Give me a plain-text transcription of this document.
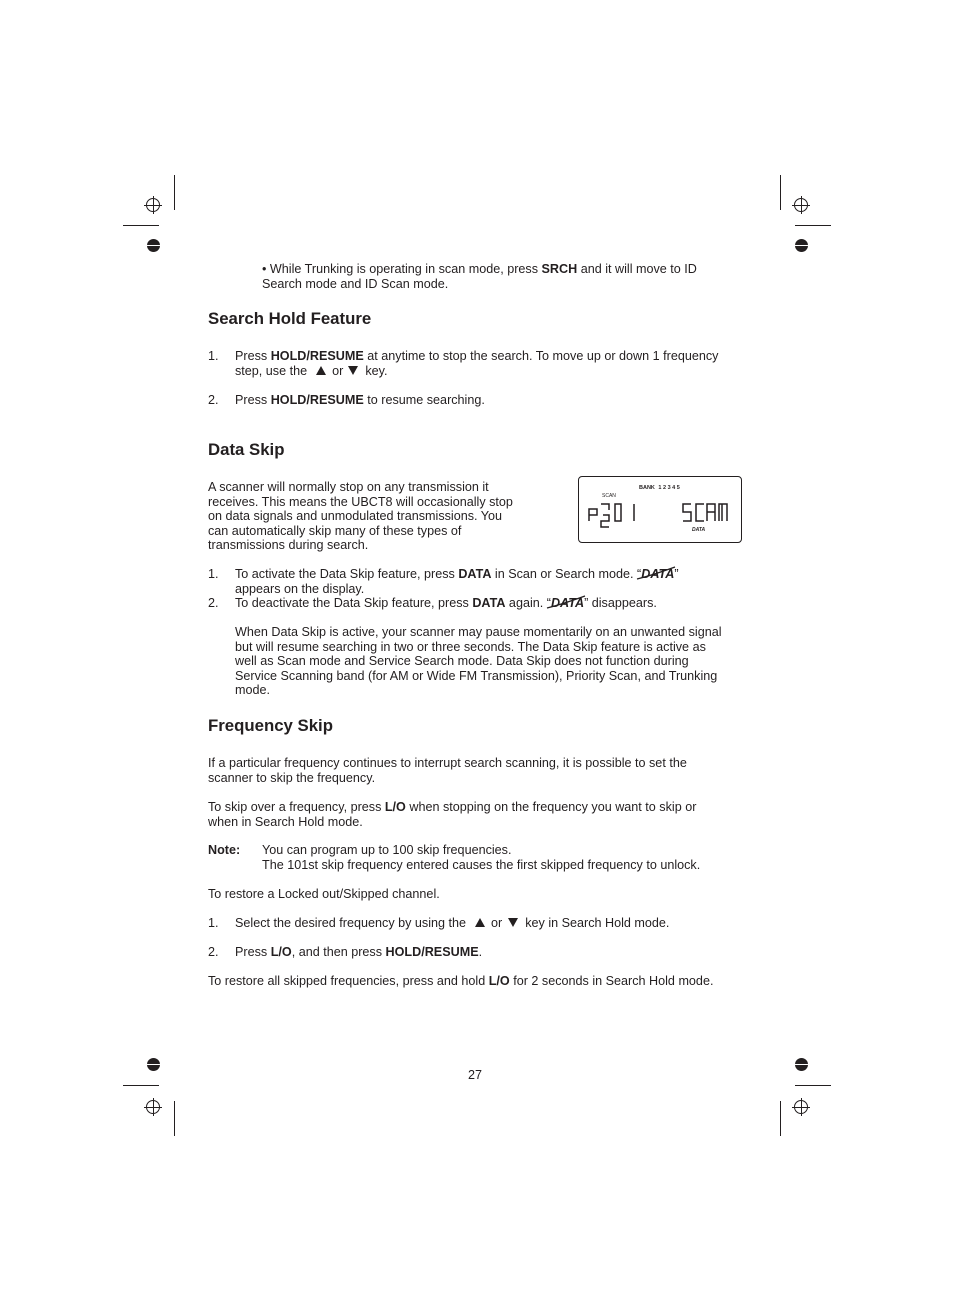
• While Trunking is operating in scan mode, press SRCH and it will move to ID
Search mode and ID Scan mode.
Search Hold Feature
1. Press HOLD/RESUME at anytime to stop the search. To move up or down 1 frequency
step, use the or key.
2. Press HOLD/RESUME to resume searching.
Data Skip
A scanner will normally stop on any transmission it
receives. This means the UBCT8 will occasionally stop
on data signals and unmodulated transmissions. You
can automatically skip many of these types of
transmissions during search.
BANK 1 2 3 4 5
SCAN
DATA
1. To activate the Data Skip feature, press DATA in Scan or Search mode. “
DATA”
appears on the display.
2. To deactivate the Data Skip feature, press DATA again. “
DATA” disappears.
When Data Skip is active, your scanner may pause momentarily on an unwanted signal
but will resume searching in two or three seconds. The Data Skip feature is active as
well as Scan mode and Service Search mode. Data Skip does not function during
Service Scanning band (for AM or Wide FM Transmission), Priority Scan, and Trunking
mode.
Frequency Skip
If a particular frequency continues to interrupt search scanning, it is possible to set the
scanner to skip the frequency.
To skip over a frequency, press L/O when stopping on the frequency you want to skip or
when in Search Hold mode.
Note: You can program up to 100 skip frequencies.
The 101st skip frequency entered causes the first skipped frequency to unlock.
To restore a Locked out/Skipped channel.
1. Select the desired frequency by using the or key in Search Hold mode.
2. Press L/O, and then press HOLD/RESUME.
To restore all skipped frequencies, press and hold L/O for 2 seconds in Search Hold mode.
27
